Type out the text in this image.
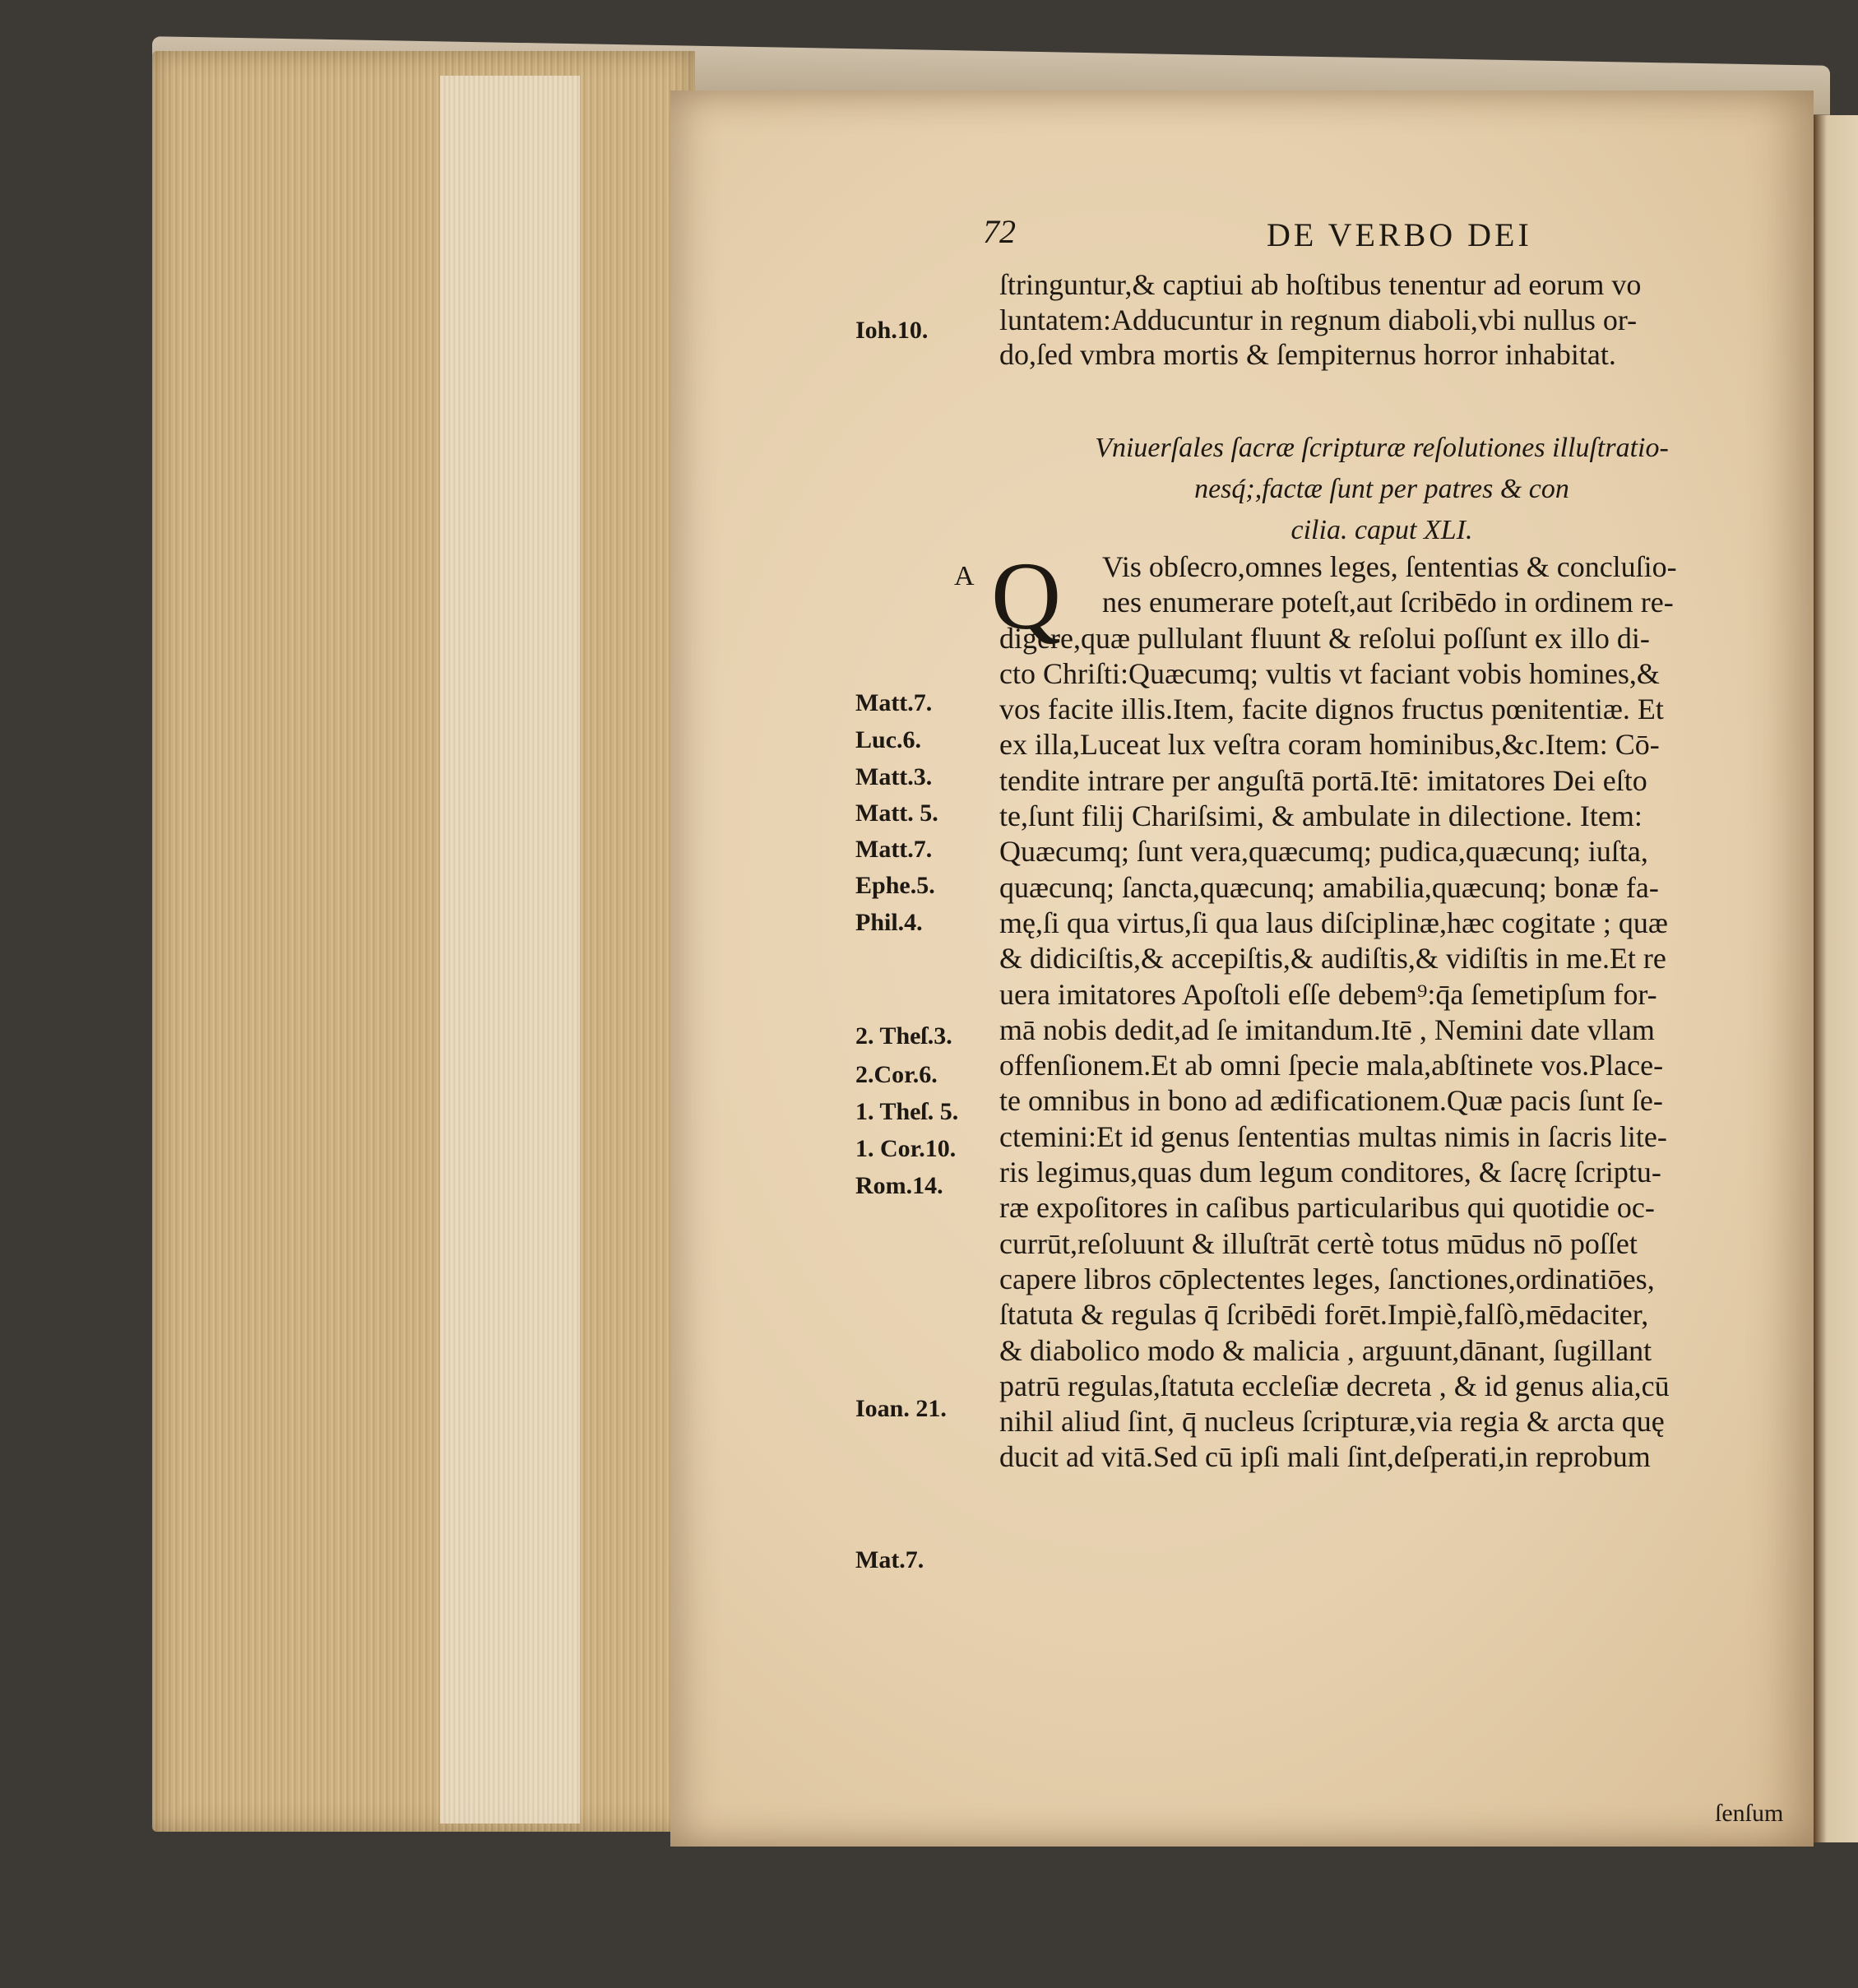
72	DE VERBO DEI
ſtringuntur,& captiui ab hoſtibus tenentur ad eorum vo
luntatem:Adducuntur in regnum diaboli,vbi nullus or-
do,ſed vmbra mortis & ſempiternus horror inhabitat.
Vniuerſales ſacræ ſcripturæ reſolutiones illuſtratio-
nesq́;,factæ ſunt per patres & con
cilia. caput XLI.
A Q	Vis obſecro,omnes leges, ſententias & concluſio-
nes enumerare poteſt,aut ſcribēdo in ordinem re-
digere,quæ pullulant fluunt & reſolui poſſunt ex illo di-
cto Chriſti:Quæcumq; vultis vt faciant vobis homines,&
vos facite illis.Item, facite dignos fructus pœnitentiæ. Et
ex illa,Luceat lux veſtra coram hominibus,&c.Item: Cō-
tendite intrare per anguſtā portā.Itē: imitatores Dei eſto
te,ſunt filij Chariſsimi, & ambulate in dilectione. Item:
Quæcumq; ſunt vera,quæcumq; pudica,quæcunq; iuſta,
quæcunq; ſancta,quæcunq; amabilia,quæcunq; bonæ fa-
mę,ſi qua virtus,ſi qua laus diſciplinæ,hæc cogitate ; quæ
& didiciſtis,& accepiſtis,& audiſtis,& vidiſtis in me.Et re
uera imitatores Apoſtoli eſſe debem⁹:q̄a ſemetipſum for-
mā nobis dedit,ad ſe imitandum.Itē , Nemini date vllam
offenſionem.Et ab omni ſpecie mala,abſtinete vos.Place-
te omnibus in bono ad ædificationem.Quæ pacis ſunt ſe-
ctemini:Et id genus ſententias multas nimis in ſacris lite-
ris legimus,quas dum legum conditores, & ſacrę ſcriptu-
ræ expoſitores in caſibus particularibus qui quotidie oc-
currūt,reſoluunt & illuſtrāt certè totus mūdus nō poſſet
capere libros cōplectentes leges, ſanctiones,ordinatiōes,
ſtatuta & regulas q̄ ſcribēdi forēt.Impiè,falſò,mēdaciter,
& diabolico modo & malicia , arguunt,dānant, ſugillant
patrū regulas,ſtatuta eccleſiæ decreta , & id genus alia,cū
nihil aliud ſint, q̄ nucleus ſcripturæ,via regia & arcta quę
ducit ad vitā.Sed cū ipſi mali ſint,deſperati,in reprobum
Ioh.10.
Matt.7.
Luc.6.
Matt.3.
Matt. 5.
Matt.7.
Ephe.5.
Phil.4.
2. Theſ.3.
2.Cor.6.
1. Theſ. 5.
1. Cor.10.
Rom.14.
Ioan. 21.
Mat.7.
ſenſum
